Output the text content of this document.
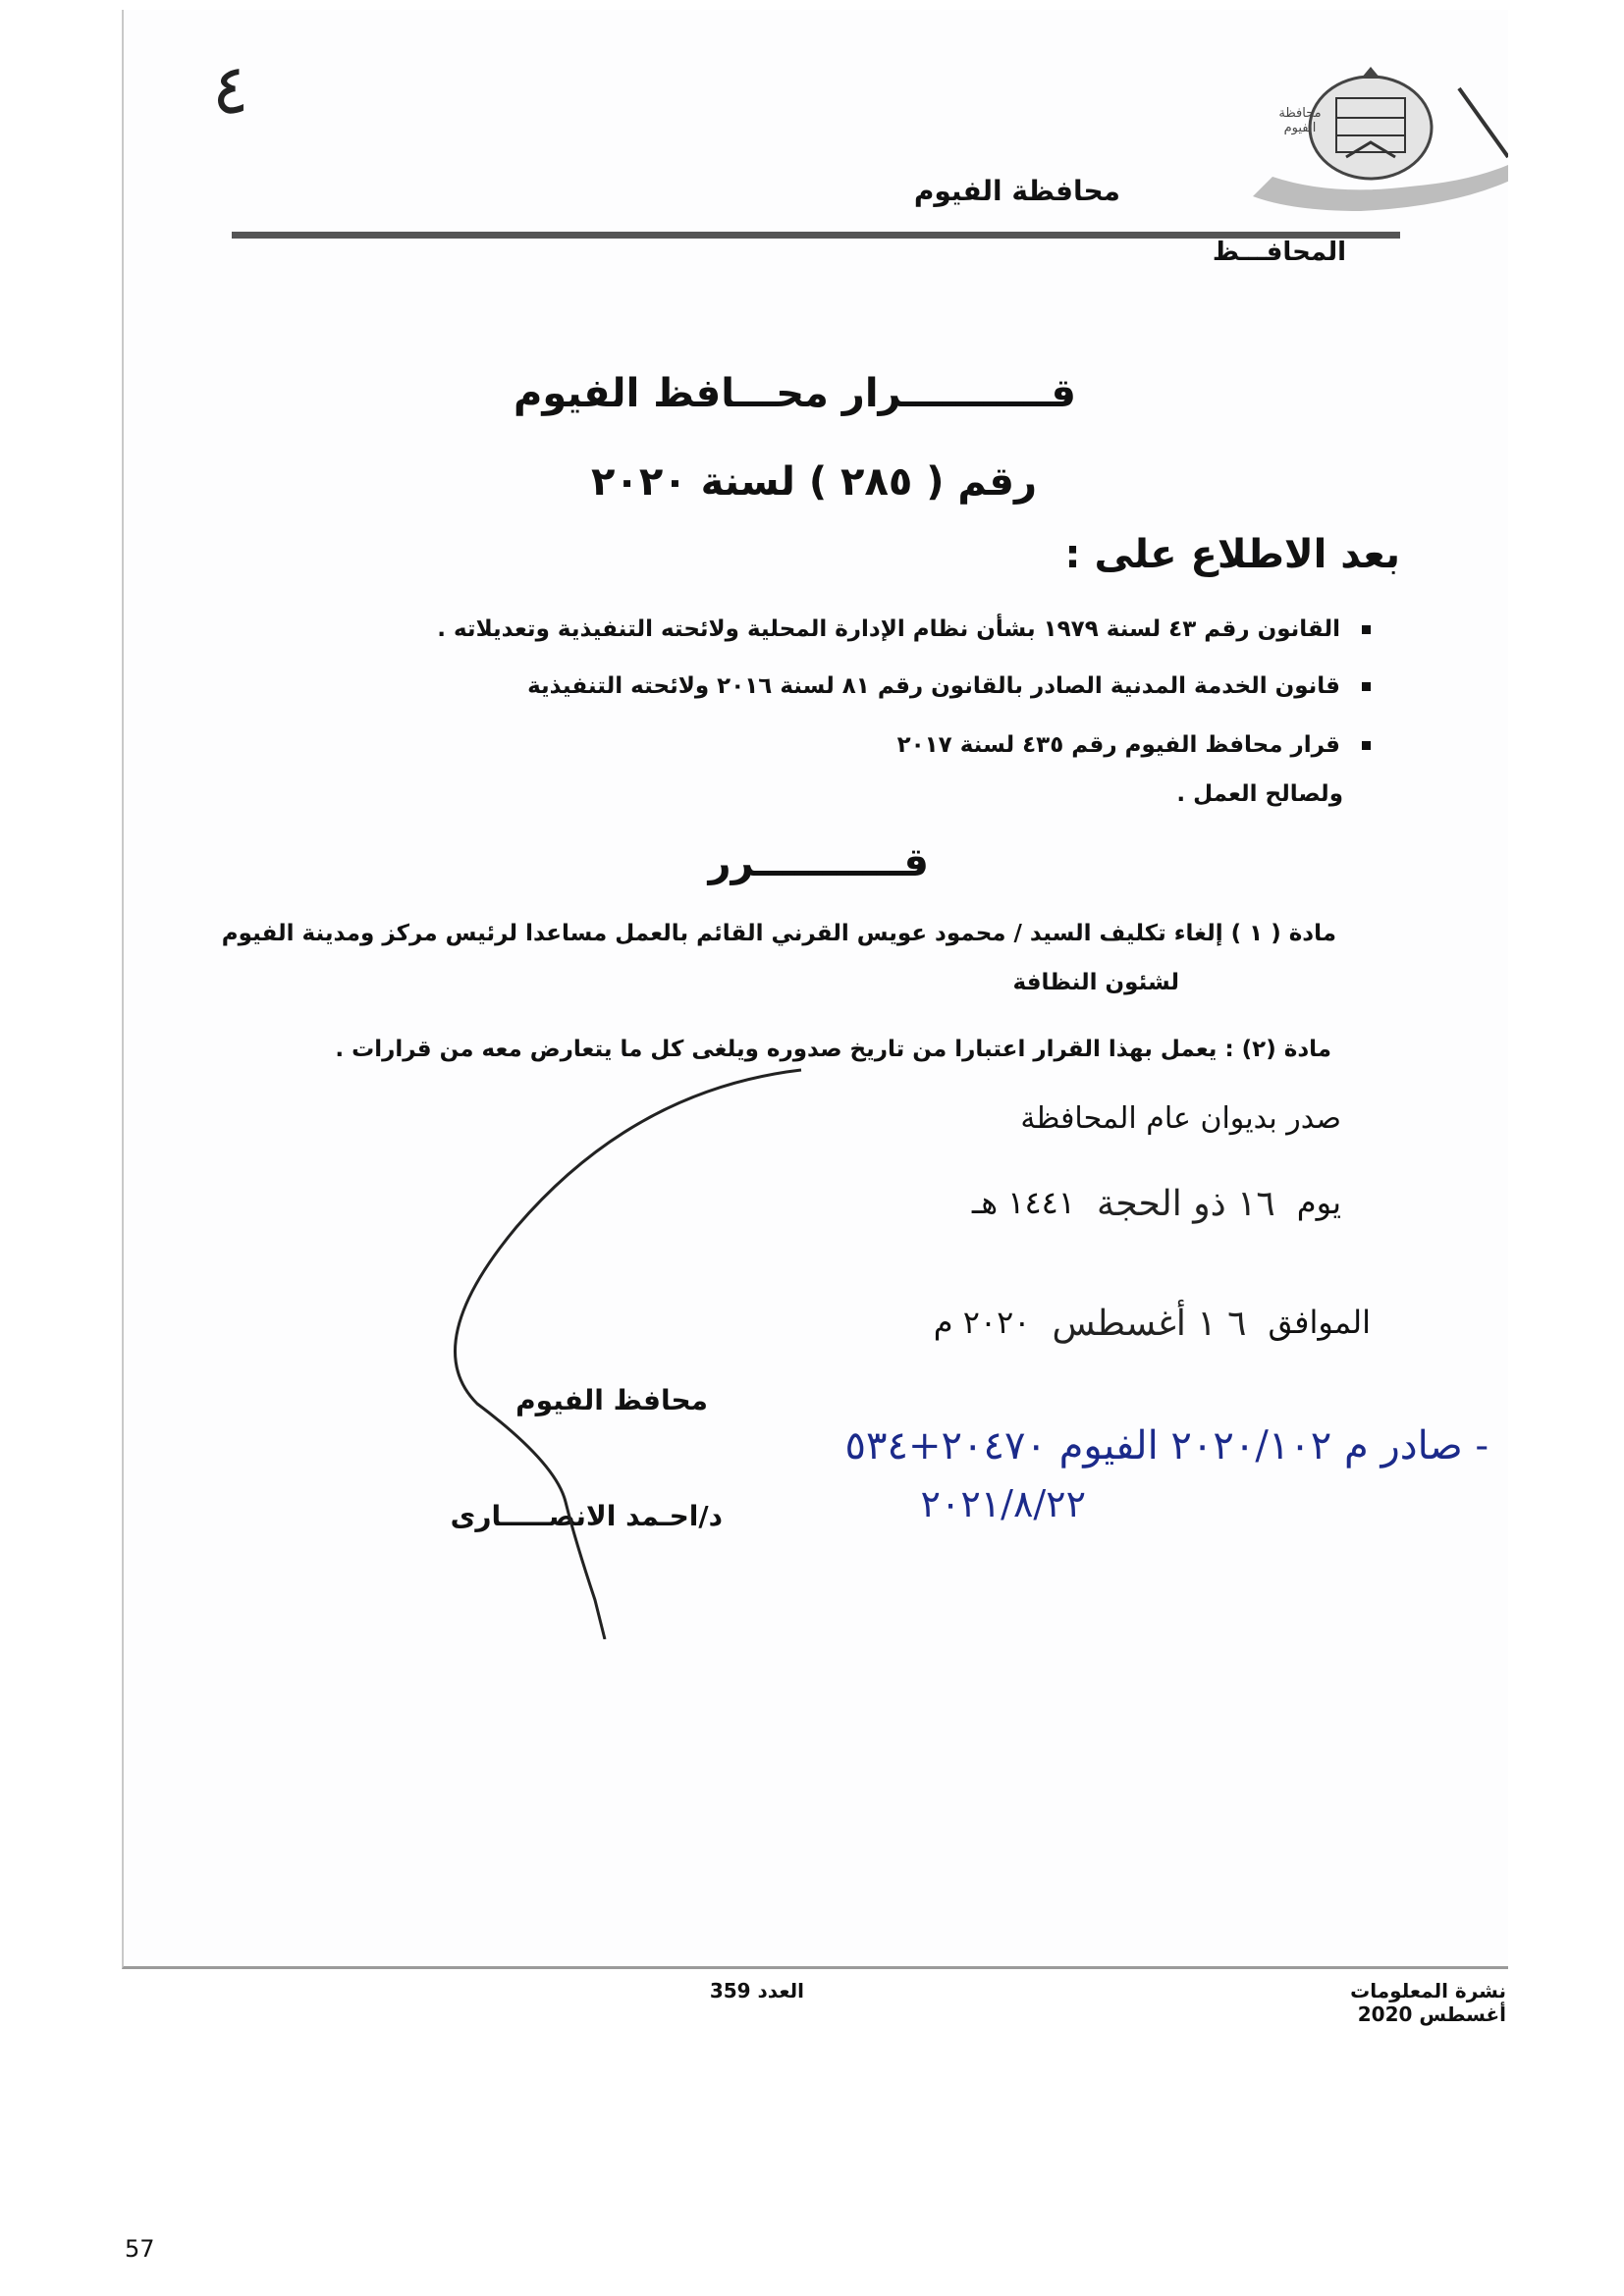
٤	محافظة الفيوم
محافظة الفيوم
المحافـــظ
قـــــــــــرار محـــافظ الفيوم
رقم ( ٢٨٥ ) لسنة ٢٠٢٠
بعد الاطلاع على :
القانون رقم ٤٣ لسنة ١٩٧٩ بشأن نظام الإدارة المحلية ولائحته التنفيذية وتعديلاته .
قانون الخدمة المدنية الصادر بالقانون رقم ٨١ لسنة ٢٠١٦ ولائحته التنفيذية
قرار محافظ الفيوم رقم ٤٣٥ لسنة ٢٠١٧
ولصالح العمل .
قـــــــــــرر
مادة ( ١ ) إلغاء تكليف السيد / محمود عويس القرني القائم بالعمل مساعدا لرئيس مركز ومدينة الفيوم
لشئون النظافة
مادة (٢) : يعمل بهذا القرار اعتبارا من تاريخ صدوره ويلغى كل ما يتعارض معه من قرارات .
صدر بديوان عام المحافظة
يوم
١٦ ذو الحجة
١٤٤١ هـ
الموافق
٦ ١ أغسطس
٢٠٢٠ م
محافظ الفيوم
د/احـمد الانصـــــارى
- صادر م ٢٠٢٠/١٠٢ الفيوم ٢٠٤٧٠+٥٣٤
٢٠٢١/٨/٢٢
نشرة المعلومات
أغسطس 2020
العدد 359
57
